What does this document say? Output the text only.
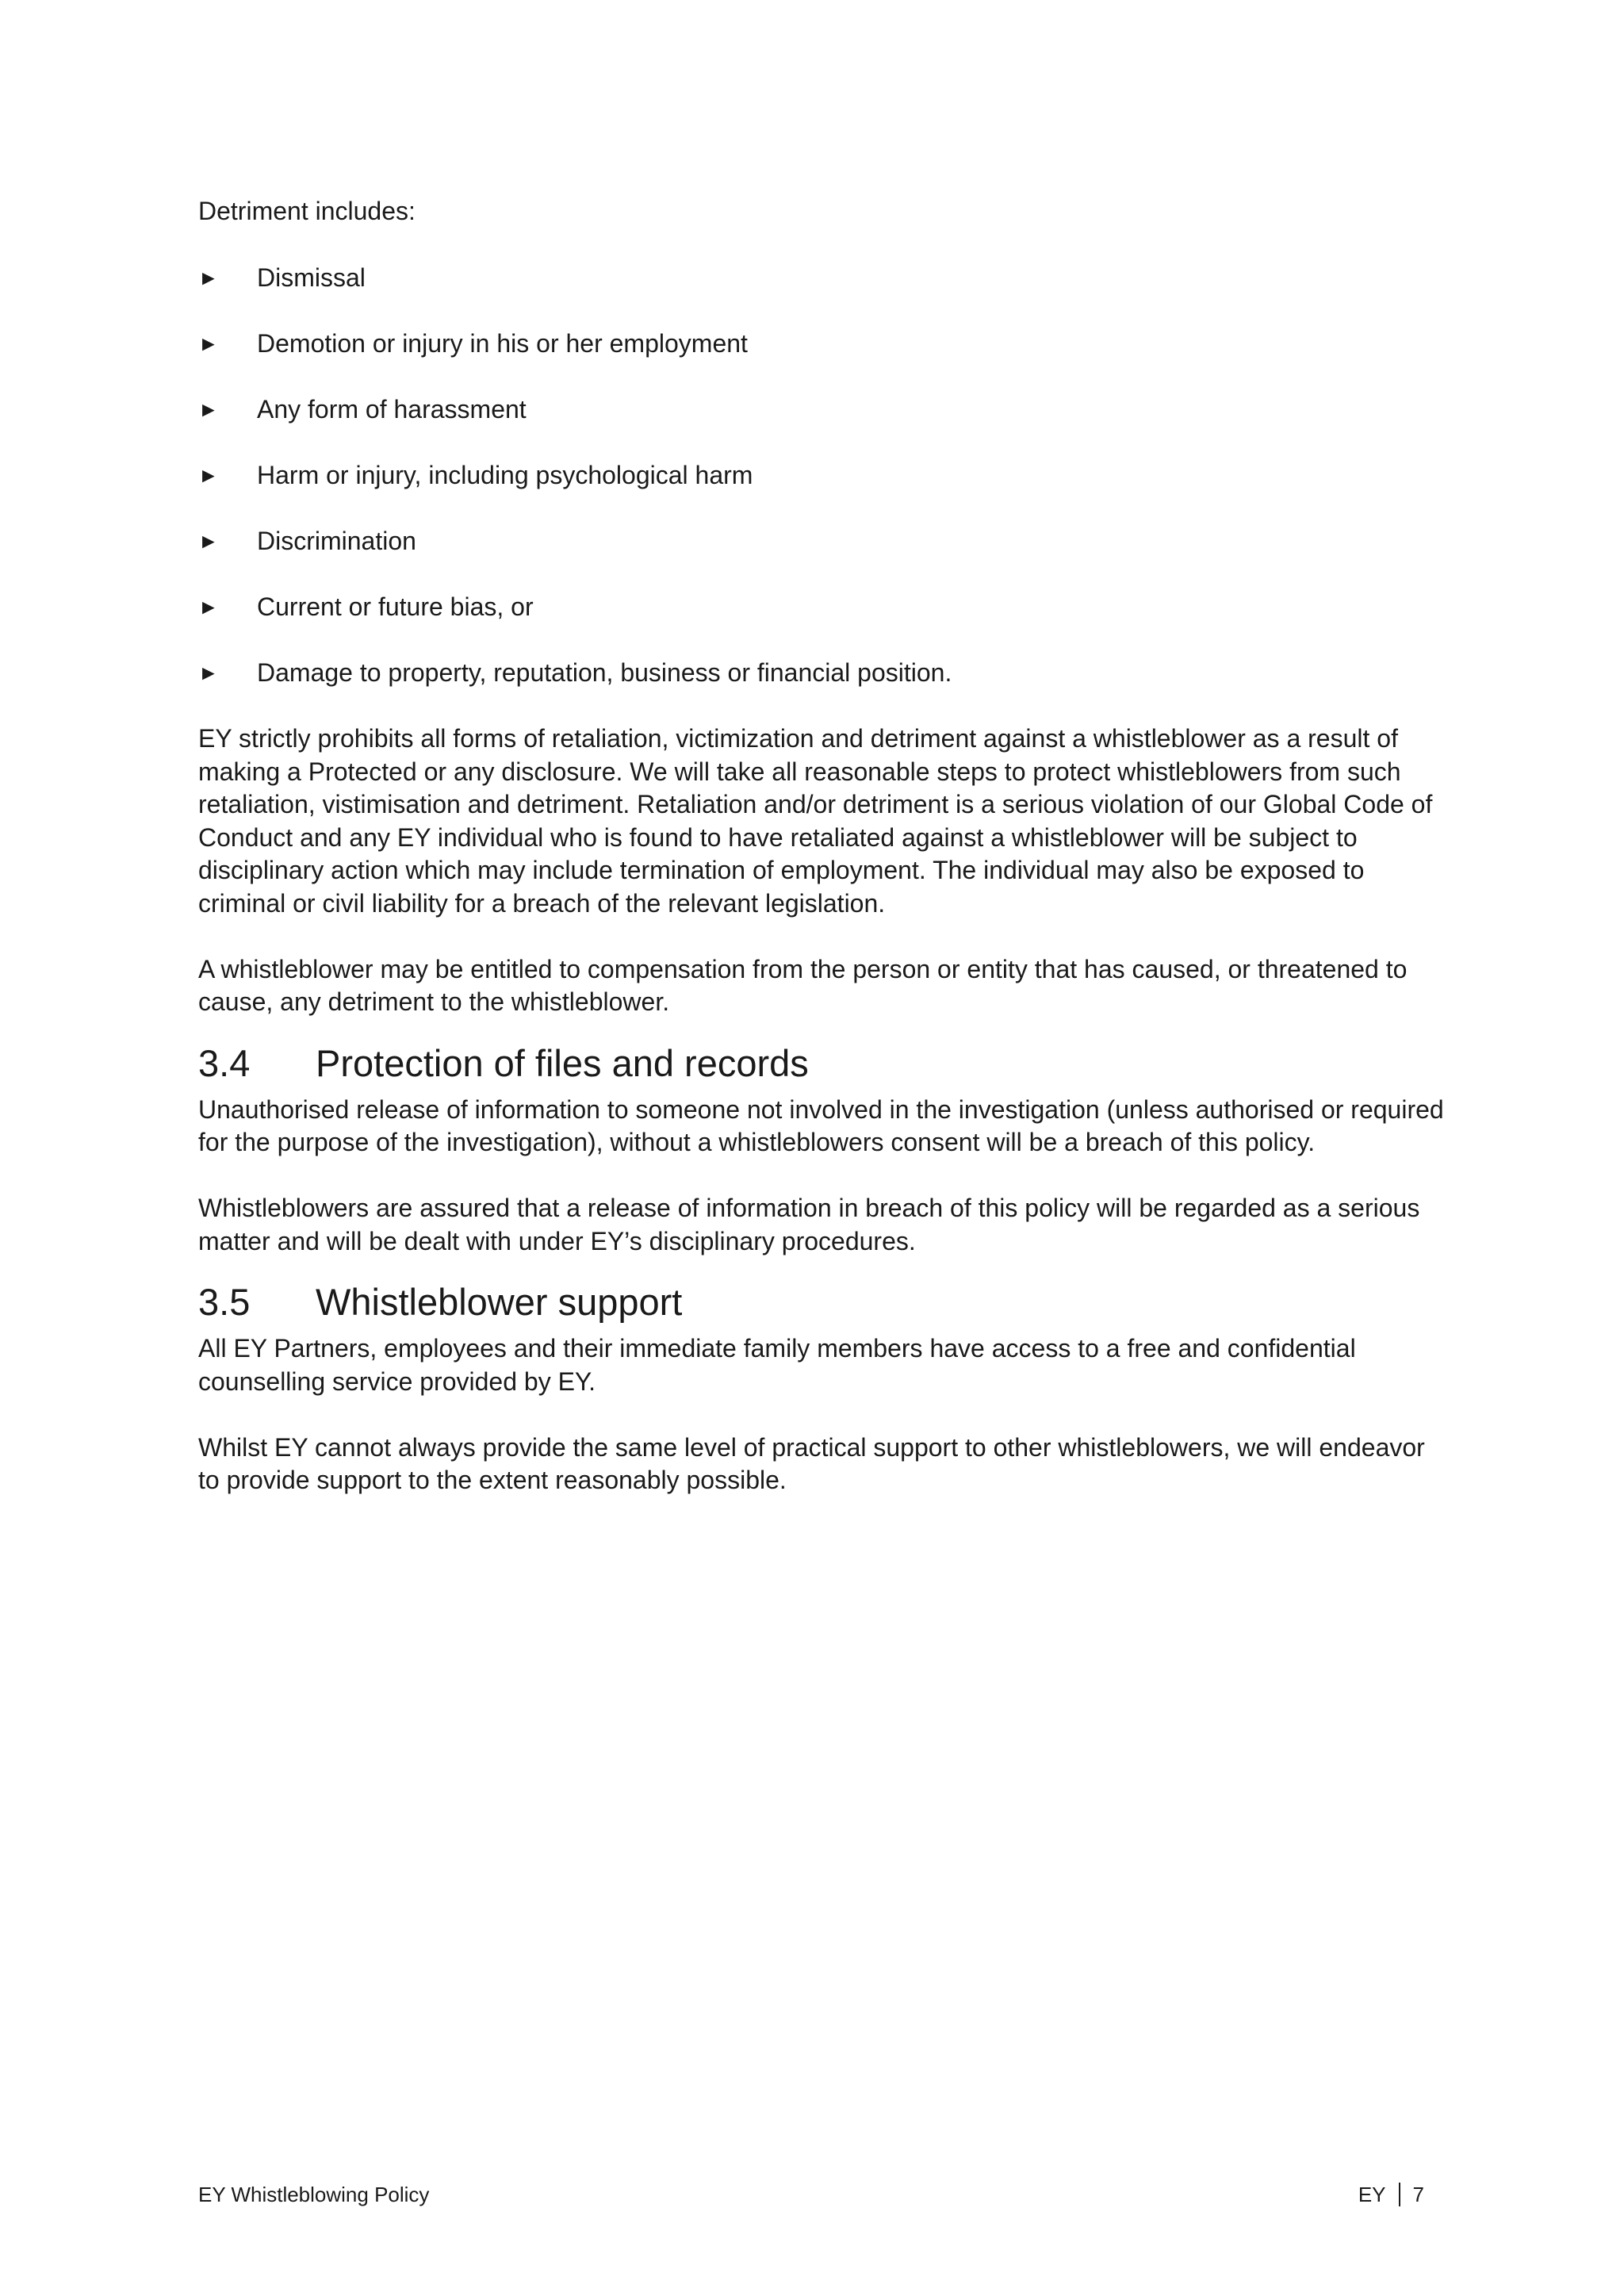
Detriment includes:

► Dismissal
► Demotion or injury in his or her employment
► Any form of harassment
► Harm or injury, including psychological harm
► Discrimination
► Current or future bias, or
► Damage to property, reputation, business or financial position.

EY strictly prohibits all forms of retaliation, victimization and detriment against a whistleblower as a result of making a Protected or any disclosure. We will take all reasonable steps to protect whistleblowers from such retaliation, vistimisation and detriment. Retaliation and/or detriment is a serious violation of our Global Code of Conduct and any EY individual who is found to have retaliated against a whistleblower will be subject to disciplinary action which may include termination of employment. The individual may also be exposed to criminal or civil liability for a breach of the relevant legislation.

A whistleblower may be entitled to compensation from the person or entity that has caused, or threatened to cause, any detriment to the whistleblower.

3.4	Protection of files and records

Unauthorised release of information to someone not involved in the investigation (unless authorised or required for the purpose of the investigation), without a whistleblowers consent will be a breach of this policy.

Whistleblowers are assured that a release of information in breach of this policy will be regarded as a serious matter and will be dealt with under EY’s disciplinary procedures.

3.5	Whistleblower support

All EY Partners, employees and their immediate family members have access to a free and confidential counselling service provided by EY.

Whilst EY cannot always provide the same level of practical support to other whistleblowers, we will endeavor to provide support to the extent reasonably possible.

EY Whistleblowing Policy	EY 7
